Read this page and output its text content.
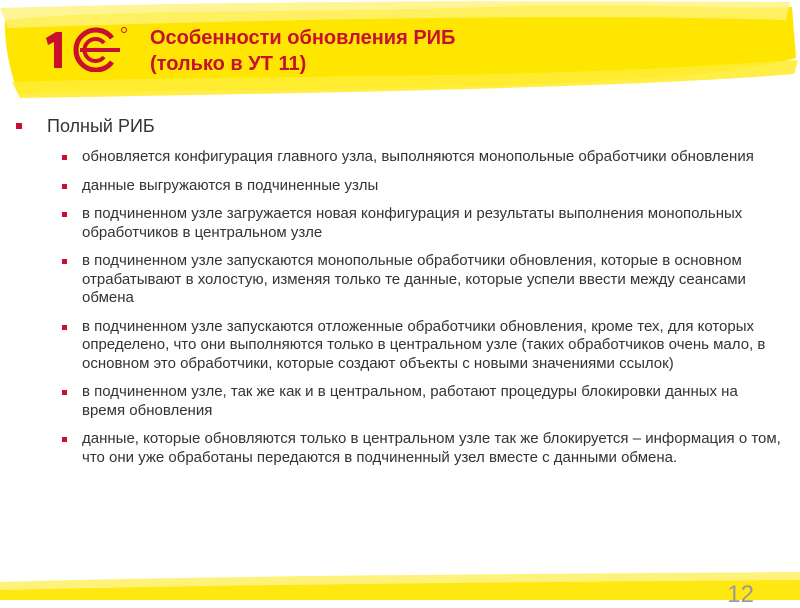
Особенности обновления РИБ
(только в УТ 11)
Полный РИБ
обновляется конфигурация главного узла, выполняются монопольные обработчики обновления
данные выгружаются в подчиненные узлы
в подчиненном узле загружается новая конфигурация и результаты выполнения монопольных обработчиков в центральном узле
в подчиненном узле запускаются монопольные обработчики обновления, которые в основном отрабатывают в холостую, изменяя только те данные, которые успели ввести между сеансами обмена
в подчиненном узле запускаются отложенные обработчики обновления, кроме тех, для которых определено, что они выполняются только в центральном узле (таких обработчиков очень мало, в основном это обработчики, которые создают объекты с новыми значениями ссылок)
в подчиненном узле, так же как и в центральном, работают процедуры блокировки данных на время обновления
данные, которые обновляются только в центральном узле так же блокируется – информация о том, что они уже обработаны передаются в подчиненный узел вместе с данными обмена.
12
